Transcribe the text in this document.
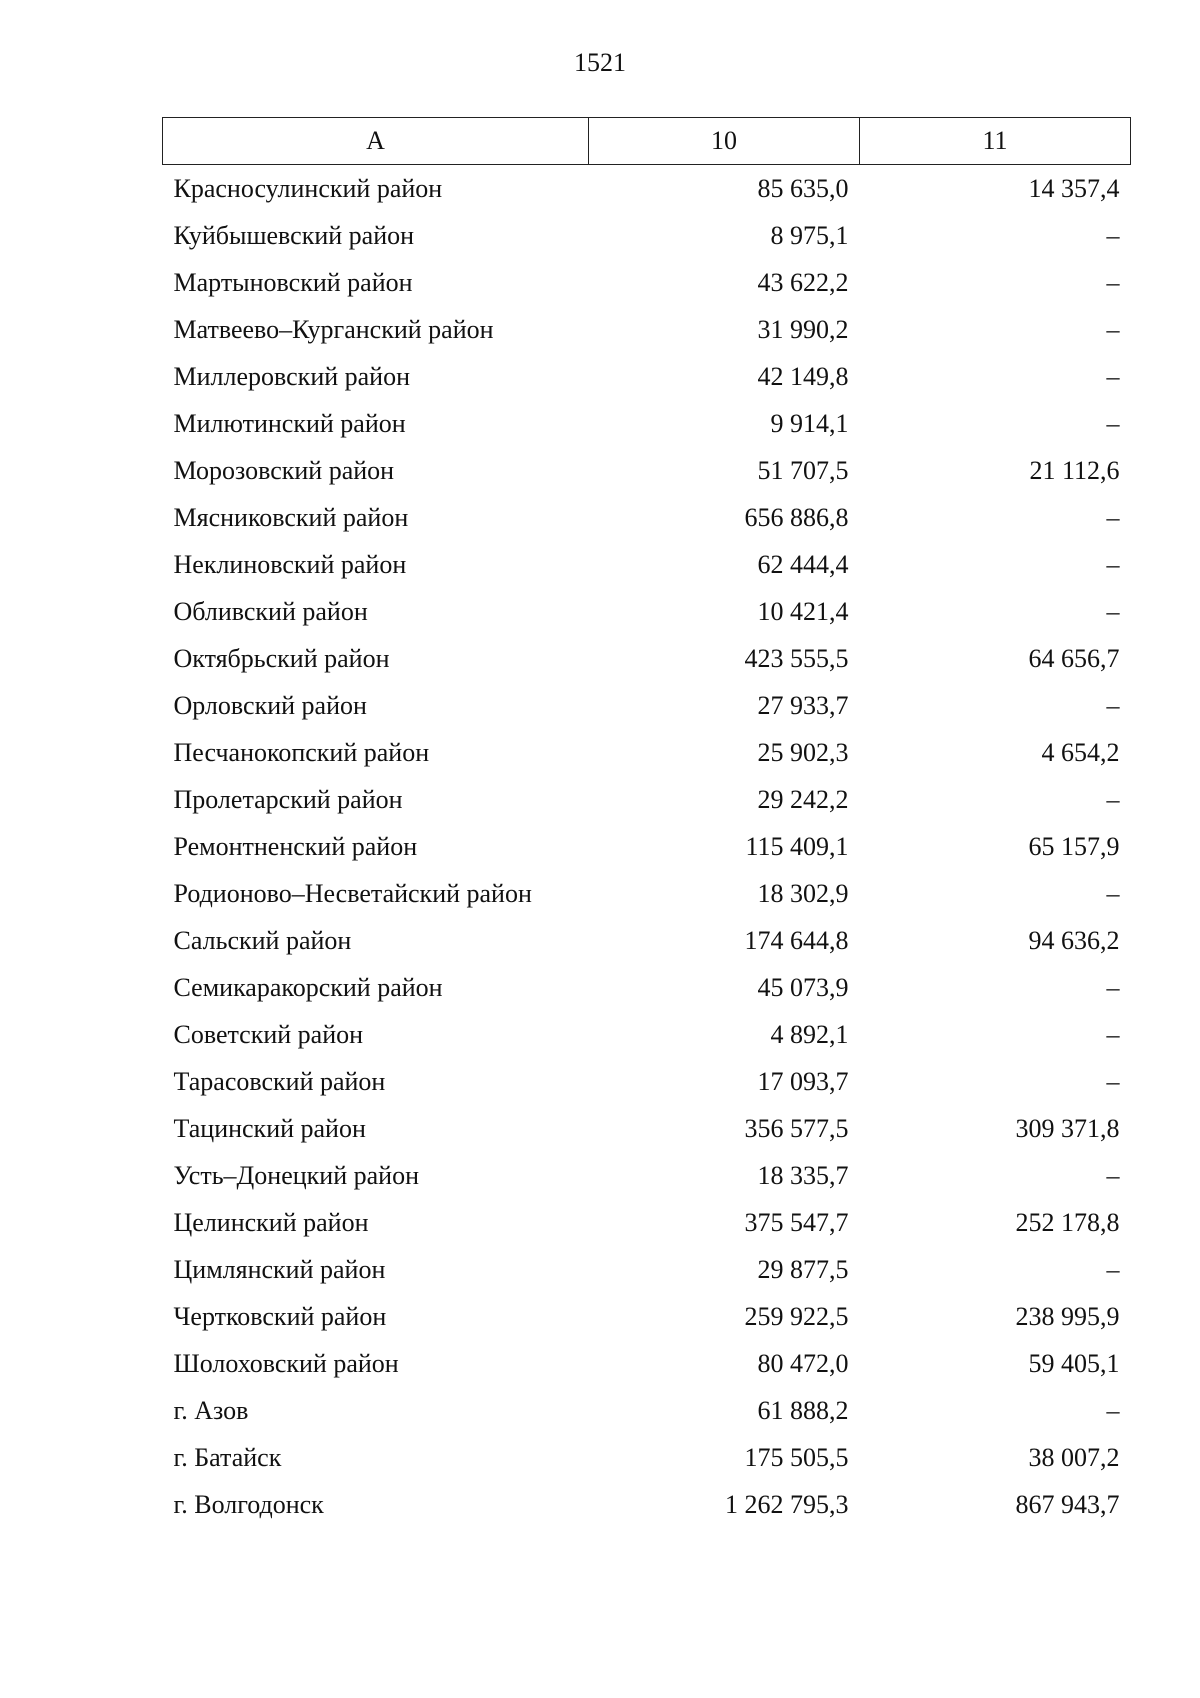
1521
А	10	11
Красносулинский район	85 635,0	14 357,4
Куйбышевский район	8 975,1	–
Мартыновский район	43 622,2	–
Матвеево–Курганский район	31 990,2	–
Миллеровский район	42 149,8	–
Милютинский район	9 914,1	–
Морозовский район	51 707,5	21 112,6
Мясниковский район	656 886,8	–
Неклиновский район	62 444,4	–
Обливский район	10 421,4	–
Октябрьский район	423 555,5	64 656,7
Орловский район	27 933,7	–
Песчанокопский район	25 902,3	4 654,2
Пролетарский район	29 242,2	–
Ремонтненский район	115 409,1	65 157,9
Родионово–Несветайский район	18 302,9	–
Сальский район	174 644,8	94 636,2
Семикаракорский район	45 073,9	–
Советский район	4 892,1	–
Тарасовский район	17 093,7	–
Тацинский район	356 577,5	309 371,8
Усть–Донецкий район	18 335,7	–
Целинский район	375 547,7	252 178,8
Цимлянский район	29 877,5	–
Чертковский район	259 922,5	238 995,9
Шолоховский район	80 472,0	59 405,1
г. Азов	61 888,2	–
г. Батайск	175 505,5	38 007,2
г. Волгодонск	1 262 795,3	867 943,7
